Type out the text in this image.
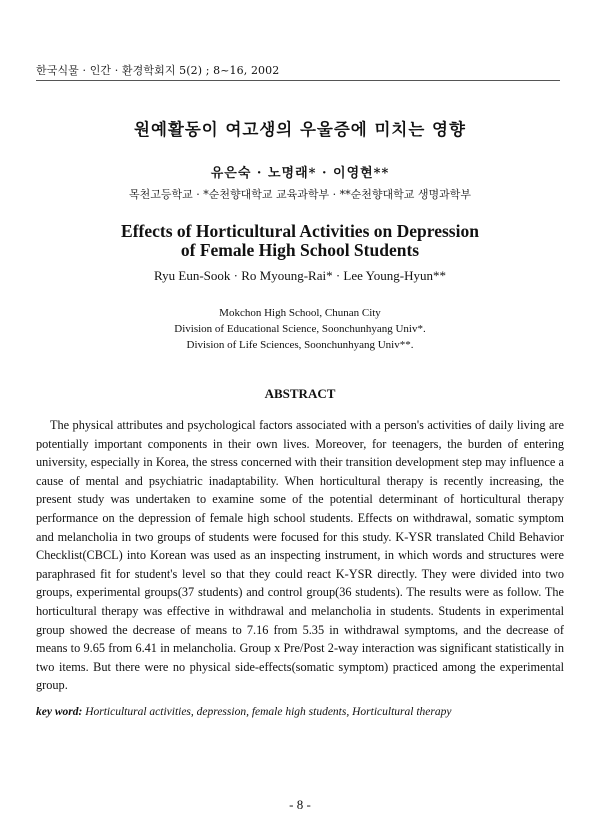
한국식물 · 인간 · 환경학회지 5(2) ; 8~16, 2002
원예활동이 여고생의 우울증에 미치는 영향
유은숙 · 노명래* · 이영현**
목천고등학교 · *순천향대학교 교육과학부 · **순천향대학교 생명과학부
Effects of Horticultural Activities on Depression
of Female High School Students
Ryu Eun-Sook · Ro Myoung-Rai* · Lee Young-Hyun**
Mokchon High School, Chunan City
Division of Educational Science, Soonchunhyang Univ*.
Division of Life Sciences, Soonchunhyang Univ**.
ABSTRACT
The physical attributes and psychological factors associated with a person's activities of daily living are potentially important components in their own lives. Moreover, for teenagers, the burden of entering university, especially in Korea, the stress concerned with their transition development step may influence a cause of mental and psychiatric inadaptability. When horticultural therapy is recently increasing, the present study was undertaken to examine some of the potential determinant of horticultural therapy performance on the depression of female high school students. Effects on withdrawal, somatic symptom and melancholia in two groups of students were focused for this study. K-YSR translated Child Behavior Checklist(CBCL) into Korean was used as an inspecting instrument, in which words and structures were paraphrased fit for student's level so that they could react K-YSR directly. They were divided into two groups, experimental groups(37 students) and control group(36 students). The results were as follow. The horticultural therapy was effective in withdrawal and melancholia in students. Students in experimental group showed the decrease of means to 7.16 from 5.35 in withdrawal symptoms, and the decrease of means to 9.65 from 6.41 in melancholia. Group x Pre/Post 2-way interaction was significant statistically in two items. But there were no physical side-effects(somatic symptom) practiced among the experimental group.
key word: Horticultural activities, depression, female high students, Horticultural therapy
- 8 -
